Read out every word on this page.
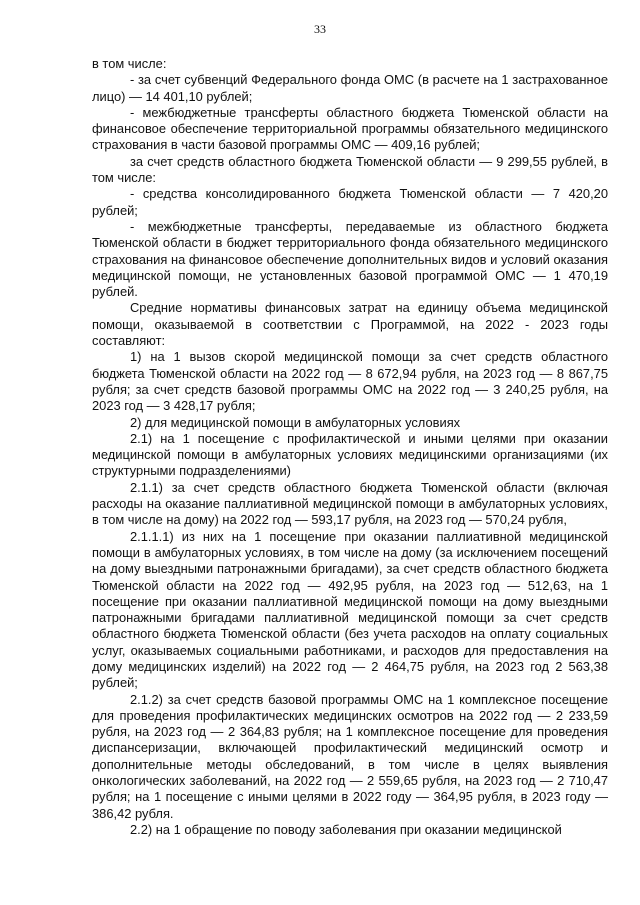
33

в том числе:

- за счет субвенций Федерального фонда ОМС (в расчете на 1 застрахованное лицо) — 14 401,10 рублей;

- межбюджетные трансферты областного бюджета Тюменской области на финансовое обеспечение территориальной программы обязательного медицинского страхования в части базовой программы ОМС — 409,16 рублей;

за счет средств областного бюджета Тюменской области — 9 299,55 рублей, в том числе:

- средства консолидированного бюджета Тюменской области — 7 420,20 рублей;

- межбюджетные трансферты, передаваемые из областного бюджета Тюменской области в бюджет территориального фонда обязательного медицинского страхования на финансовое обеспечение дополнительных видов и условий оказания медицинской помощи, не установленных базовой программой ОМС — 1 470,19 рублей.

Средние нормативы финансовых затрат на единицу объема медицинской помощи, оказываемой в соответствии с Программой, на 2022 - 2023 годы составляют:

1) на 1 вызов скорой медицинской помощи за счет средств областного бюджета Тюменской области на 2022 год — 8 672,94 рубля, на 2023 год — 8 867,75 рубля; за счет средств базовой программы ОМС на 2022 год — 3 240,25 рубля, на 2023 год — 3 428,17 рубля;

2) для медицинской помощи в амбулаторных условиях

2.1) на 1 посещение с профилактической и иными целями при оказании медицинской помощи в амбулаторных условиях медицинскими организациями (их структурными подразделениями)

2.1.1) за счет средств областного бюджета Тюменской области (включая расходы на оказание паллиативной медицинской помощи в амбулаторных условиях, в том числе на дому) на 2022 год — 593,17 рубля, на 2023 год — 570,24 рубля,

2.1.1.1) из них на 1 посещение при оказании паллиативной медицинской помощи в амбулаторных условиях, в том числе на дому (за исключением посещений на дому выездными патронажными бригадами), за счет средств областного бюджета Тюменской области на 2022 год — 492,95 рубля, на 2023 год — 512,63, на 1 посещение при оказании паллиативной медицинской помощи на дому выездными патронажными бригадами паллиативной медицинской помощи за счет средств областного бюджета Тюменской области (без учета расходов на оплату социальных услуг, оказываемых социальными работниками, и расходов для предоставления на дому медицинских изделий) на 2022 год — 2 464,75 рубля, на 2023 год 2 563,38 рублей;

2.1.2) за счет средств базовой программы ОМС на 1 комплексное посещение для проведения профилактических медицинских осмотров на 2022 год — 2 233,59 рубля, на 2023 год — 2 364,83 рубля; на 1 комплексное посещение для проведения диспансеризации, включающей профилактический медицинский осмотр и дополнительные методы обследований, в том числе в целях выявления онкологических заболеваний, на 2022 год — 2 559,65 рубля, на 2023 год — 2 710,47 рубля; на 1 посещение с иными целями в 2022 году — 364,95 рубля, в 2023 году — 386,42 рубля.

2.2) на 1 обращение по поводу заболевания при оказании медицинской
